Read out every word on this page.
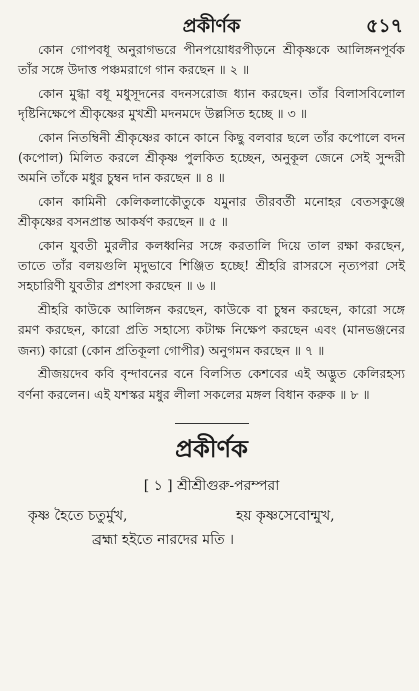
প্রকীর্ণক	৫১৭

কোন গোপবধূ অনুরাগভরে পীনপয়োধরপীড়নে শ্রীকৃষ্ণকে আলিঙ্গনপূর্বক তাঁর সঙ্গে উদাত্ত পঞ্চমরাগে গান করছেন ॥ ২ ॥

কোন মুগ্ধা বধূ মধুসূদনের বদনসরোজ ধ্যান করছেন। তাঁর বিলাসবিলোল দৃষ্টিনিক্ষেপে শ্রীকৃষ্ণের মুখশ্রী মদনমদে উল্লসিত হচ্ছে ॥ ৩ ॥

কোন নিতম্বিনী শ্রীকৃষ্ণের কানে কানে কিছু বলবার ছলে তাঁর কপোলে বদন (কপোল) মিলিত করলে শ্রীকৃষ্ণ পুলকিত হচ্ছেন, অনুকূল জেনে সেই সুন্দরী অমনি তাঁকে মধুর চুম্বন দান করছেন ॥ ৪ ॥

কোন কামিনী কেলিকলাকৌতুকে যমুনার তীরবর্তী মনোহর বেতসকুঞ্জে শ্রীকৃষ্ণের বসনপ্রান্ত আকর্ষণ করছেন ॥ ৫ ॥

কোন যুবতী মুরলীর কলধ্বনির সঙ্গে করতালি দিয়ে তাল রক্ষা করছেন, তাতে তাঁর বলয়গুলি মৃদুভাবে শিঞ্জিত হচ্ছে! শ্রীহরি রাসরসে নৃত্যপরা সেই সহচারিণী যুবতীর প্রশংসা করছেন ॥ ৬ ॥

শ্রীহরি কাউকে আলিঙ্গন করছেন, কাউকে বা চুম্বন করছেন, কারো সঙ্গে রমণ করছেন, কারো প্রতি সহাস্যে কটাক্ষ নিক্ষেপ করছেন এবং (মানভঞ্জনের জন্য) কারো (কোন প্রতিকূলা গোপীর) অনুগমন করছেন ॥ ৭ ॥

শ্রীজয়দেব কবি বৃন্দাবনের বনে বিলসিত কেশবের এই অদ্ভুত কেলিরহস্য বর্ণনা করলেন। এই যশস্কর মধুর লীলা সকলের মঙ্গল বিধান করুক ॥ ৮ ॥

প্রকীর্ণক
[ ১ ] শ্রীশ্রীগুরু-পরম্পরা
কৃষ্ণ হৈতে চতুর্মুখ,	হয় কৃষ্ণসেবোন্মুখ,
ব্রহ্মা হইতে নারদের মতি ।
